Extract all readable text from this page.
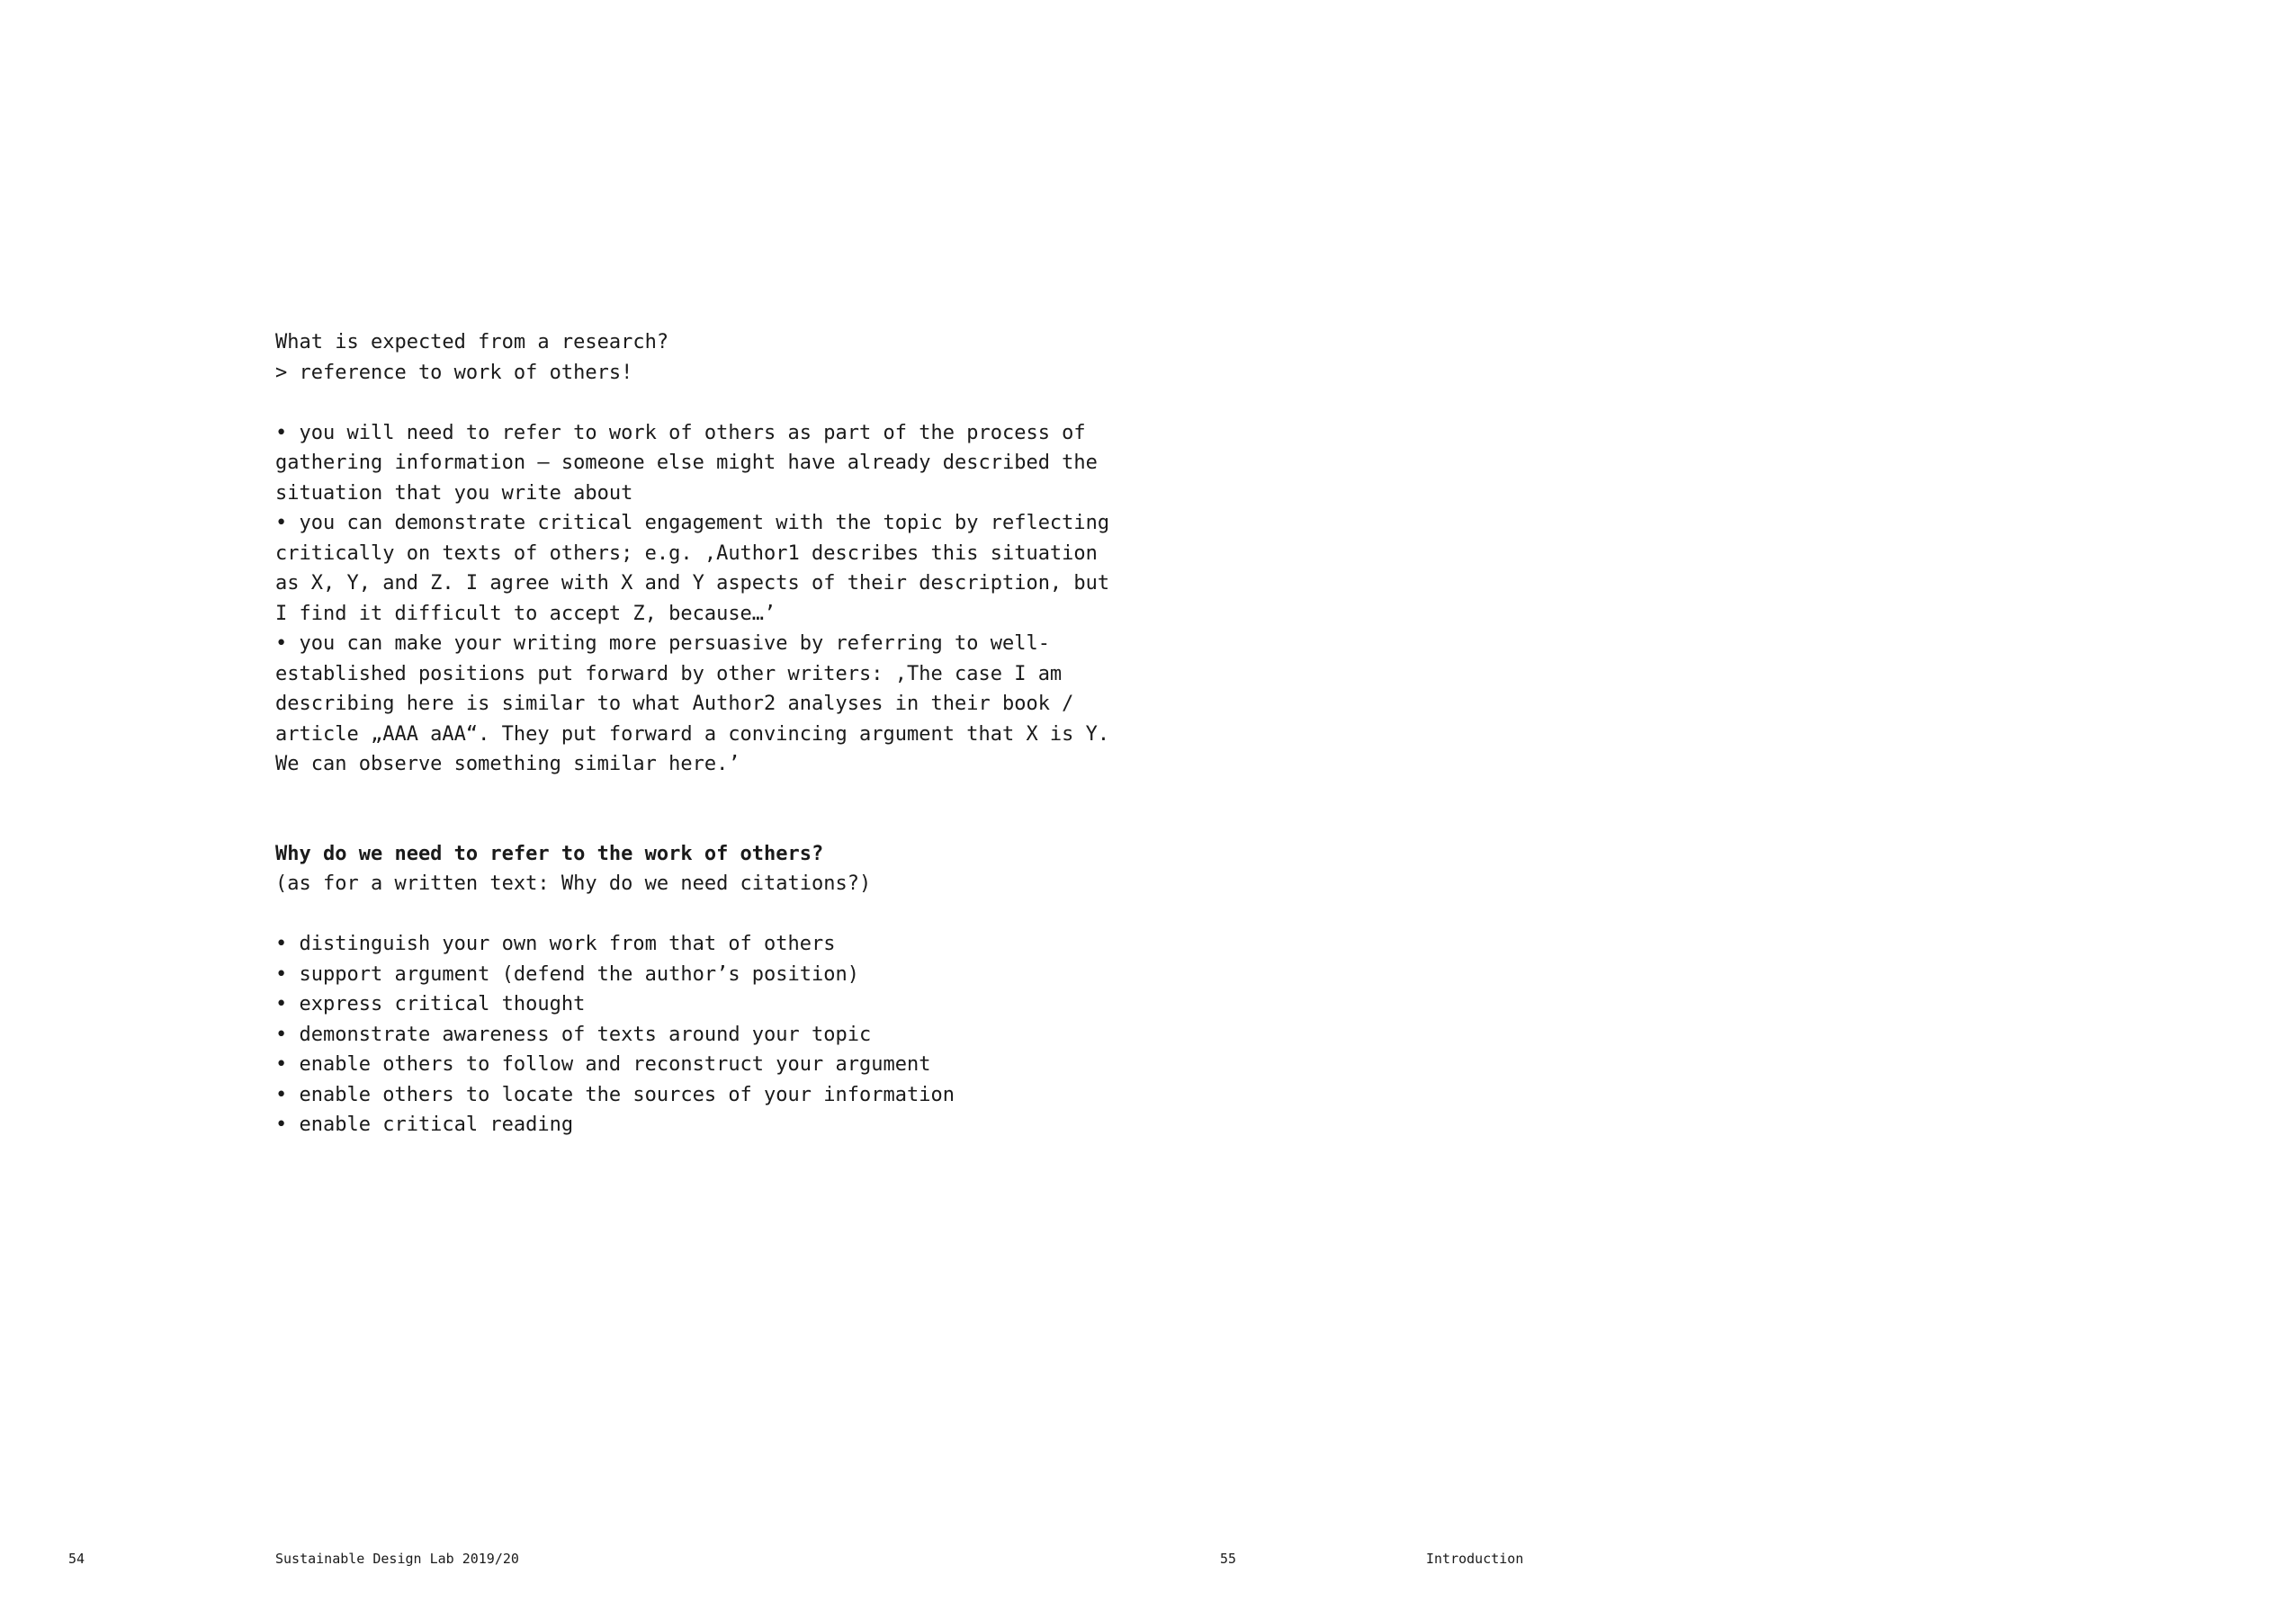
What is expected from a research?
> reference to work of others!
• you will need to refer to work of others as part of the process of
gathering information – someone else might have already described the
situation that you write about
• you can demonstrate critical engagement with the topic by reflecting
critically on texts of others; e.g. ‚Author1 describes this situation
as X, Y, and Z. I agree with X and Y aspects of their description, but
I find it difficult to accept Z, because…’
• you can make your writing more persuasive by referring to well-
established positions put forward by other writers: ‚The case I am
describing here is similar to what Author2 analyses in their book /
article „AAA aAA“. They put forward a convincing argument that X is Y.
We can observe something similar here.’
Why do we need to refer to the work of others?
(as for a written text: Why do we need citations?)
• distinguish your own work from that of others
• support argument (defend the author’s position)
• express critical thought
• demonstrate awareness of texts around your topic
• enable others to follow and reconstruct your argument
• enable others to locate the sources of your information
• enable critical reading
54	Sustainable Design Lab 2019/20	55	Introduction
